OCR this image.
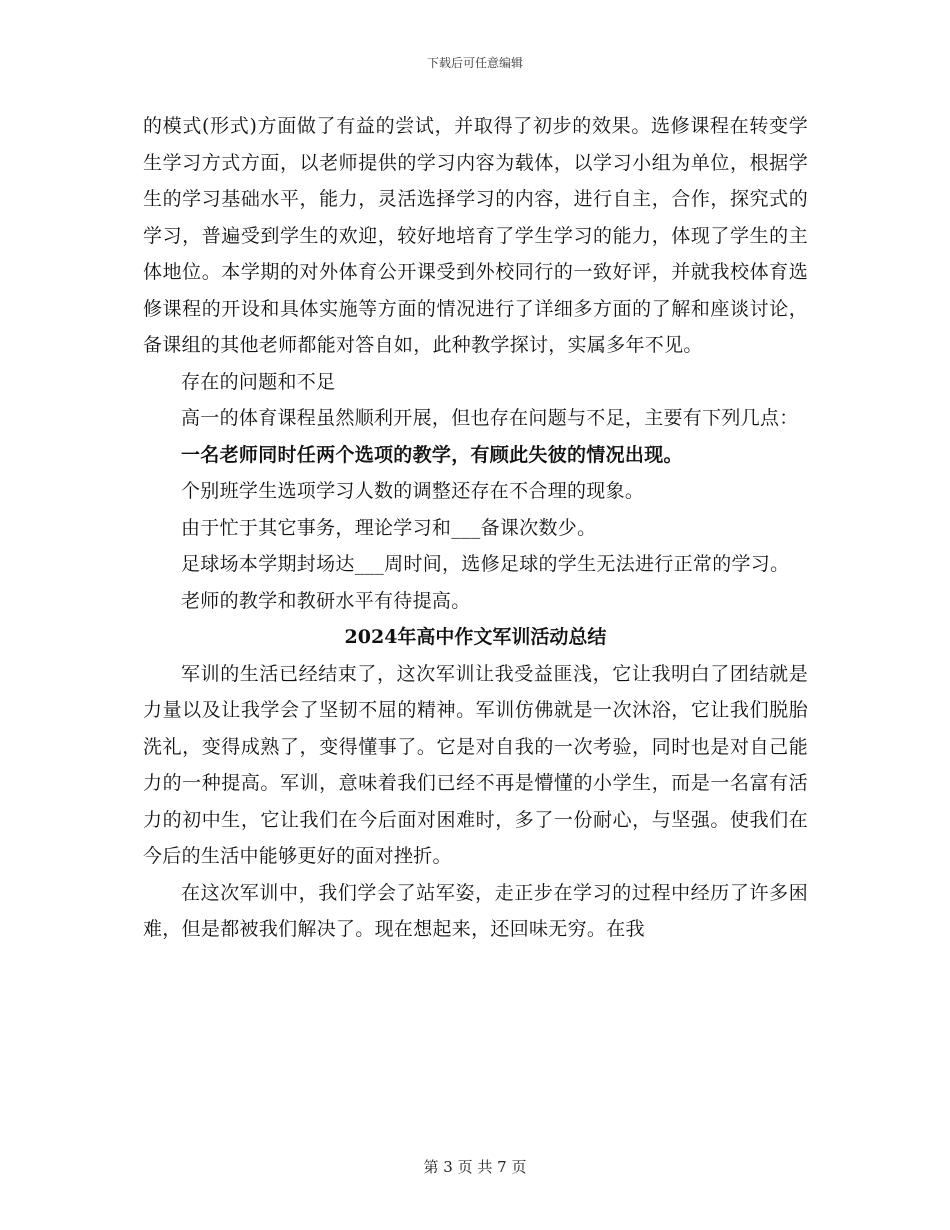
下载后可任意编辑

的模式(形式)方面做了有益的尝试，并取得了初步的效果。选修课程在转变学生学习方式方面，以老师提供的学习内容为载体，以学习小组为单位，根据学生的学习基础水平，能力，灵活选择学习的内容，进行自主，合作，探究式的学习，普遍受到学生的欢迎，较好地培育了学生学习的能力，体现了学生的主体地位。本学期的对外体育公开课受到外校同行的一致好评，并就我校体育选修课程的开设和具体实施等方面的情况进行了详细多方面的了解和座谈讨论，备课组的其他老师都能对答自如，此种教学探讨，实属多年不见。

存在的问题和不足

高一的体育课程虽然顺利开展，但也存在问题与不足，主要有下列几点：

一名老师同时任两个选项的教学，有顾此失彼的情况出现。

个别班学生选项学习人数的调整还存在不合理的现象。

由于忙于其它事务，理论学习和___备课次数少。

足球场本学期封场达___周时间，选修足球的学生无法进行正常的学习。

老师的教学和教研水平有待提高。

2024年高中作文军训活动总结

军训的生活已经结束了，这次军训让我受益匪浅，它让我明白了团结就是力量以及让我学会了坚韧不屈的精神。军训仿佛就是一次沐浴，它让我们脱胎洗礼，变得成熟了，变得懂事了。它是对自我的一次考验，同时也是对自己能力的一种提高。军训，意味着我们已经不再是懵懂的小学生，而是一名富有活力的初中生，它让我们在今后面对困难时，多了一份耐心，与坚强。使我们在今后的生活中能够更好的面对挫折。

在这次军训中，我们学会了站军姿，走正步在学习的过程中经历了许多困难，但是都被我们解决了。现在想起来，还回味无穷。在我

第 3 页 共 7 页
